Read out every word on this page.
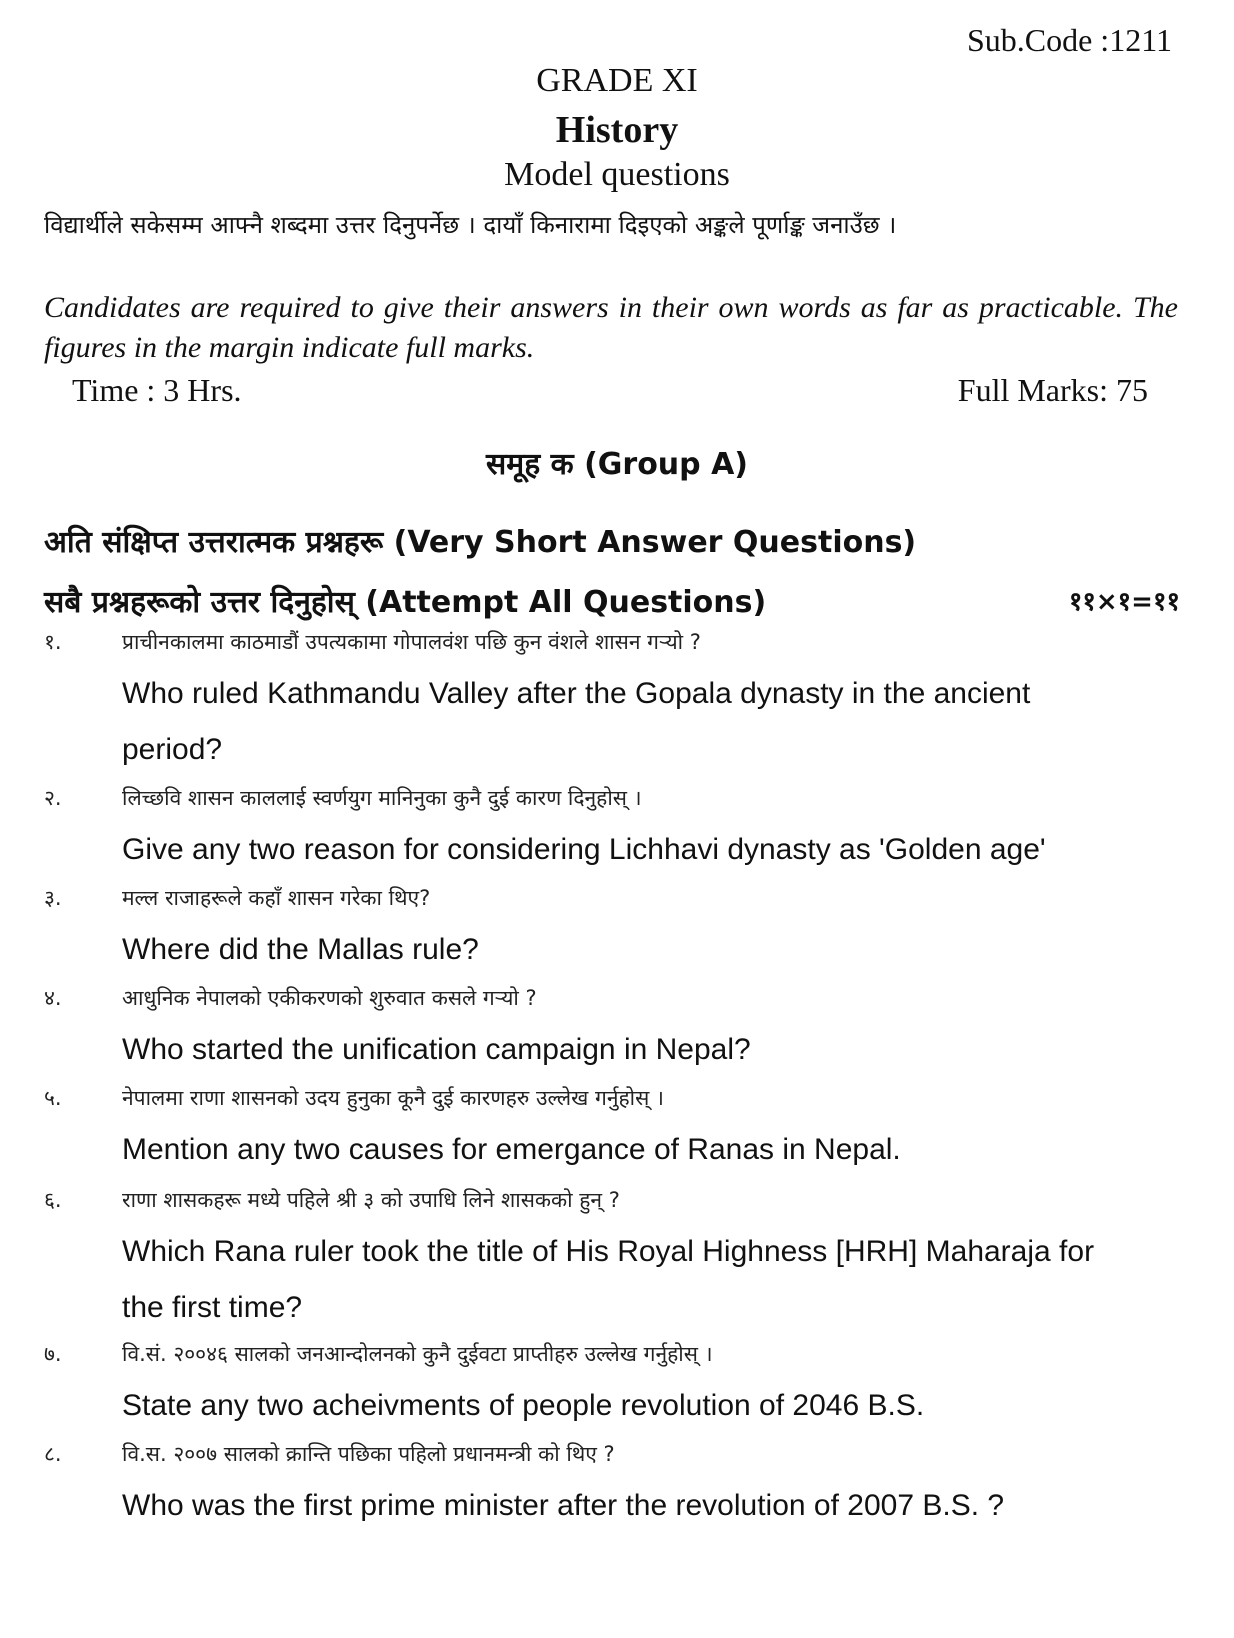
Sub.Code :1211
GRADE XI
History
Model questions
विद्यार्थीले सकेसम्म आफ्नै शब्दमा उत्तर दिनुपर्नेछ । दायाँ किनारामा दिइएको अङ्कले पूर्णाङ्क जनाउँछ ।
Candidates are required to give their answers in their own words as far as practicable. The figures in the margin indicate full marks.
Time : 3 Hrs.	Full Marks: 75
समूह क (Group A)
अति संक्षिप्त उत्तरात्मक प्रश्नहरू (Very Short Answer Questions)
सबै प्रश्नहरूको उत्तर दिनुहोस् (Attempt All Questions)	११×१=११
१.	प्राचीनकालमा काठमाडौं उपत्यकामा गोपालवंश पछि कुन वंशले शासन गऱ्यो ?
Who ruled Kathmandu Valley after the Gopala dynasty in the ancient period?
२.	लिच्छवि शासन काललाई स्वर्णयुग मानिनुका कुनै दुई कारण दिनुहोस् ।
Give any two reason for considering Lichhavi dynasty as 'Golden age'
३.	मल्ल राजाहरूले कहाँ शासन गरेका थिए?
Where did the Mallas rule?
४.	आधुनिक नेपालको एकीकरणको शुरुवात कसले गऱ्यो ?
Who started the unification campaign in Nepal?
५.	नेपालमा राणा शासनको उदय हुनुका कूनै दुई कारणहरु उल्लेख गर्नुहोस् ।
Mention any two causes for emergance of Ranas in Nepal.
६.	राणा शासकहरू मध्ये पहिले श्री ३ को उपाधि लिने शासकको हुन् ?
Which Rana ruler took the title of His Royal Highness [HRH] Maharaja for the first time?
७.	वि.सं. २००४६ सालको जनआन्दोलनको कुनै दुईवटा प्राप्तीहरु उल्लेख गर्नुहोस् ।
State any two acheivments of people revolution of 2046 B.S.
८.	वि.स. २००७ सालको क्रान्ति पछिका पहिलो प्रधानमन्त्री को थिए ?
Who was the first prime minister after the revolution of 2007 B.S. ?
